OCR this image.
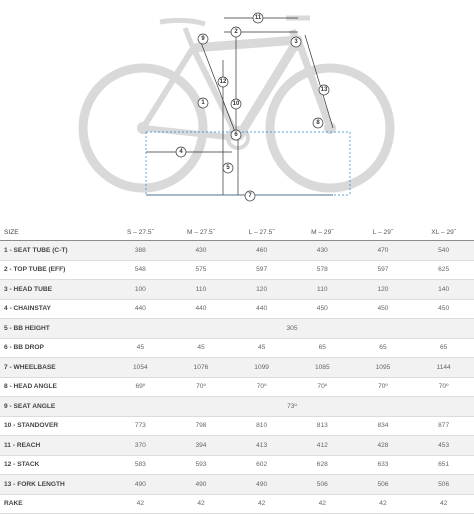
11
2
3
9
12
1	10
13
8
6
4
5
7
SIZE	S – 27.5˝	M – 27.5˝	L – 27.5˝	M – 29˝	L – 29˝	XL – 29˝
1 - SEAT TUBE (C-T)	388	430	460	430	470	540
2 - TOP TUBE (EFF)	548	575	597	578	597	625
3 - HEAD TUBE	100	110	120	110	120	140
4 - CHAINSTAY	440	440	440	450	450	450
5 - BB HEIGHT	305					
6 - BB DROP	45	45	45	65	65	65
7 - WHEELBASE	1054	1076	1099	1085	1095	1144
8 - HEAD ANGLE	69º	70º	70º	70º	70º	70º
9 - SEAT ANGLE	73º					
10 - STANDOVER	773	798	810	813	834	877
11 - REACH	370	394	413	412	428	453
12 - STACK	583	593	602	628	633	651
13 - FORK LENGTH	490	490	490	506	506	506
RAKE	42	42	42	42	42	42
